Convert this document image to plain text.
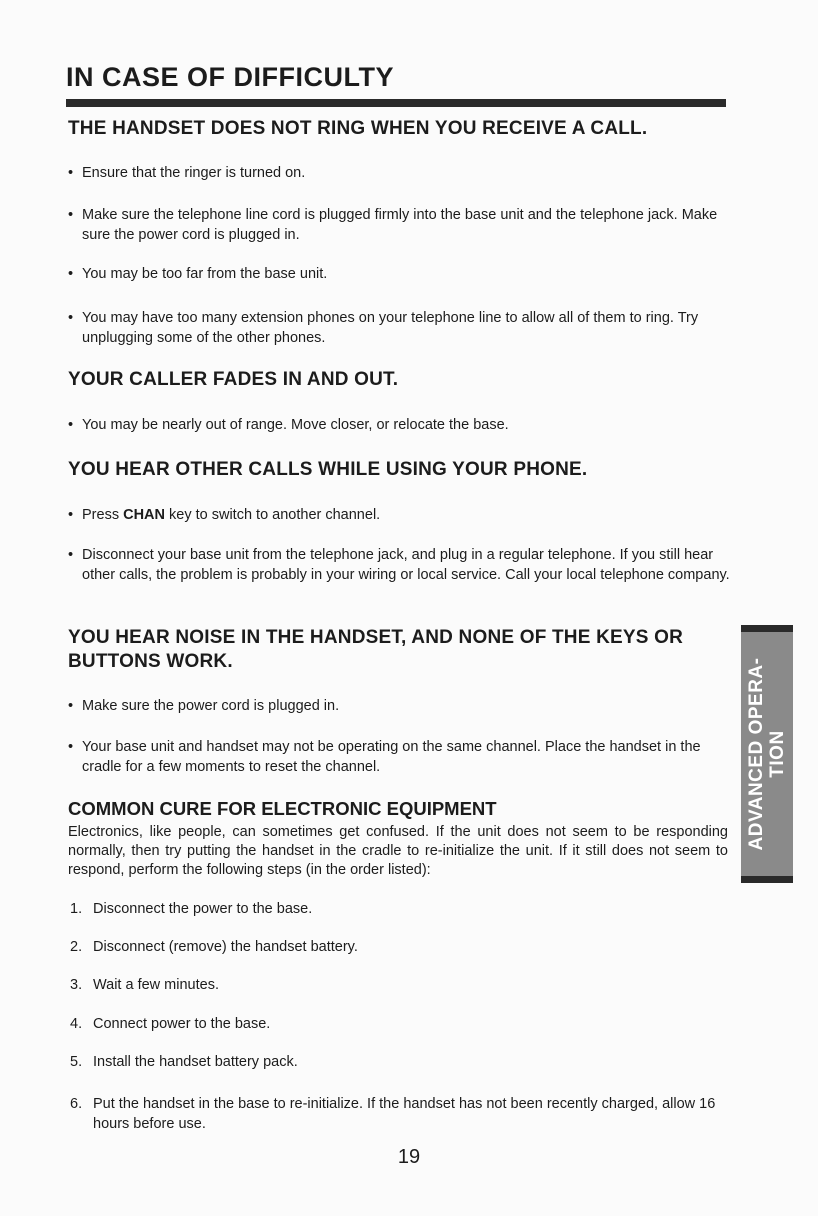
IN CASE OF DIFFICULTY
THE HANDSET DOES NOT RING WHEN YOU RECEIVE A CALL.

• Ensure that the ringer is turned on.

• Make sure the telephone line cord is plugged firmly into the base unit and the telephone jack. Make sure the power cord is plugged in.

• You may be too far from the base unit.

• You may have too many extension phones on your telephone line to allow all of them to ring. Try unplugging some of the other phones.

YOUR CALLER FADES IN AND OUT.

• You may be nearly out of range. Move closer, or relocate the base.

YOU HEAR OTHER CALLS WHILE USING YOUR PHONE.

• Press CHAN key to switch to another channel.

• Disconnect your base unit from the telephone jack, and plug in a regular telephone. If you still hear other calls, the problem is probably in your wiring or local service. Call your local telephone company.

YOU HEAR NOISE IN THE HANDSET, AND NONE OF THE KEYS OR BUTTONS WORK.

• Make sure the power cord is plugged in.

• Your base unit and handset may not be operating on the same channel. Place the handset in the cradle for a few moments to reset the channel.

COMMON CURE FOR ELECTRONIC EQUIPMENT

Electronics, like people, can sometimes get confused. If the unit does not seem to be responding normally, then try putting the handset in the cradle to re-initialize the unit. If it still does not seem to respond, perform the following steps (in the order listed):

1. Disconnect the power to the base.

2. Disconnect (remove) the handset battery.

3. Wait a few minutes.

4. Connect power to the base.

5. Install the handset battery pack.

6. Put the handset in the base to re-initialize. If the handset has not been recently charged, allow 16 hours before use.

19
ADVANCED OPERA-TION
